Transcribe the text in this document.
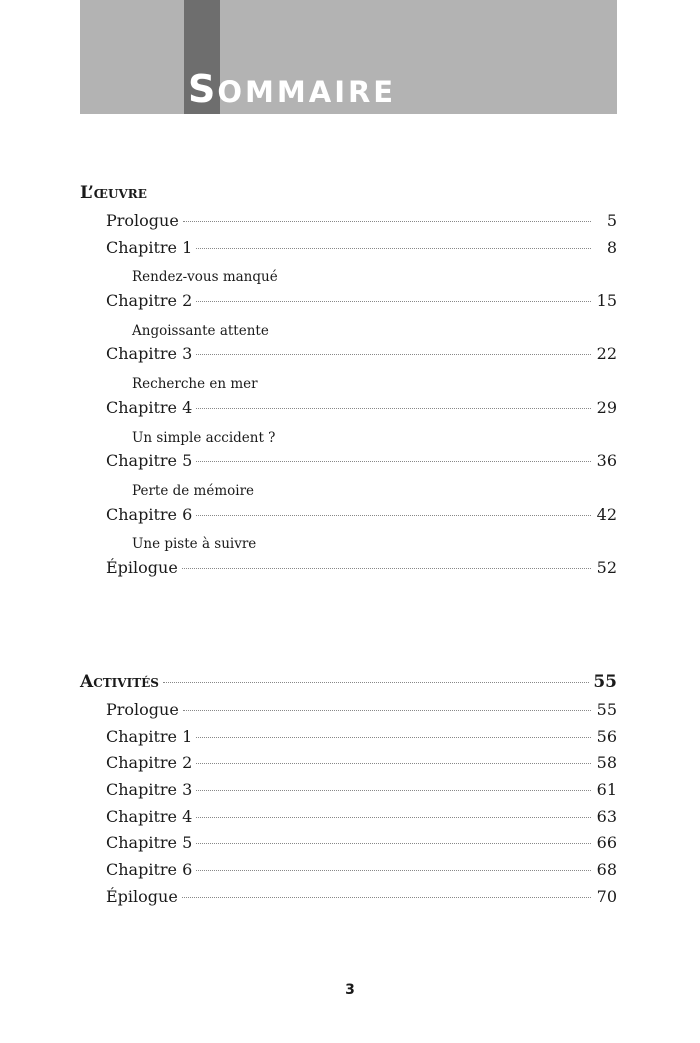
SOMMAIRE
L’œuvre
Prologue	5
Chapitre 1	8
Rendez-vous manqué
Chapitre 2	15
Angoissante attente
Chapitre 3	22
Recherche en mer
Chapitre 4	29
Un simple accident ?
Chapitre 5	36
Perte de mémoire
Chapitre 6	42
Une piste à suivre
Épilogue	52
Activités	55
Prologue	55
Chapitre 1	56
Chapitre 2	58
Chapitre 3	61
Chapitre 4	63
Chapitre 5	66
Chapitre 6	68
Épilogue	70
3
